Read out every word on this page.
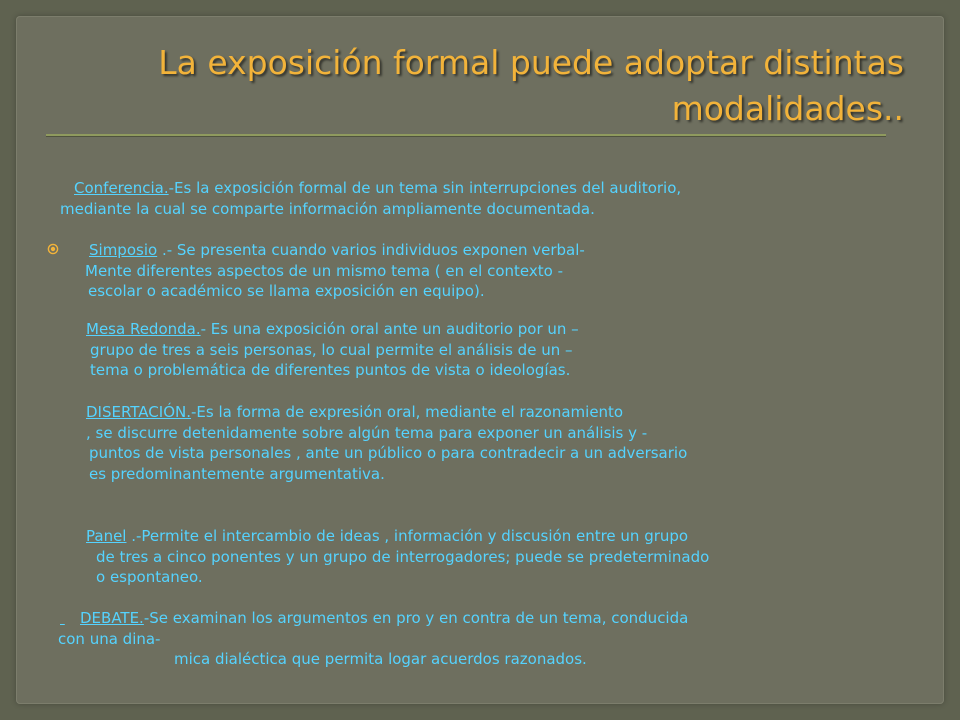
La exposición formal puede adoptar distintas
modalidades..
Conferencia.-Es la exposición formal de un tema sin interrupciones del auditorio,
mediante la cual se comparte información ampliamente documentada.
Simposio .- Se presenta cuando varios individuos exponen verbal-
Mente diferentes aspectos de un mismo tema ( en el contexto -
escolar o académico se llama exposición en equipo).
Mesa Redonda.- Es una exposición oral ante un auditorio por un –
grupo de tres a seis personas, lo cual permite el análisis de un –
tema o problemática de diferentes puntos de vista o ideologías.
DISERTACIÓN.-Es la forma de expresión oral, mediante el razonamiento
, se discurre detenidamente sobre algún tema para exponer un análisis y -
puntos de vista personales , ante un público o para contradecir a un adversario
es predominantemente argumentativa.
Panel .-Permite el intercambio de ideas , información y discusión entre un grupo
de tres a cinco ponentes y un grupo de interrogadores; puede se predeterminado
o espontaneo.
DEBATE.-Se examinan los argumentos en pro y en contra de un tema, conducida
con una dina-
mica dialéctica que permita logar acuerdos razonados.
